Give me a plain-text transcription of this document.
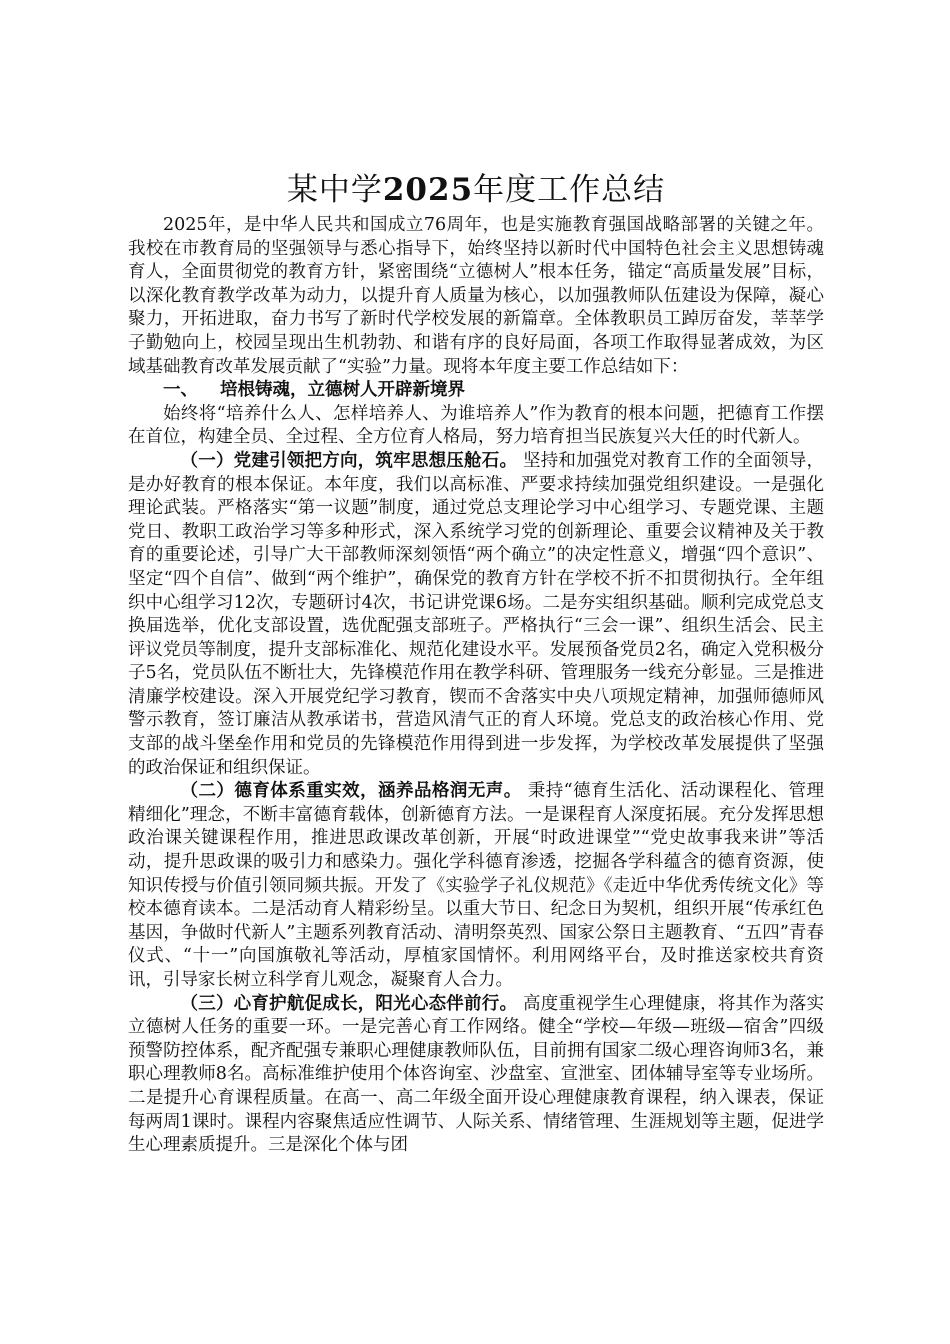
某中学2025年度工作总结

2025年，是中华人民共和国成立76周年，也是实施教育强国战略部署的关键之年。我校在市教育局的坚强领导与悉心指导下，始终坚持以新时代中国特色社会主义思想铸魂育人，全面贯彻党的教育方针，紧密围绕“立德树人”根本任务，锚定“高质量发展”目标，以深化教育教学改革为动力，以提升育人质量为核心，以加强教师队伍建设为保障，凝心聚力，开拓进取，奋力书写了新时代学校发展的新篇章。全体教职员工踔厉奋发，莘莘学子勤勉向上，校园呈现出生机勃勃、和谐有序的良好局面，各项工作取得显著成效，为区域基础教育改革发展贡献了“实验”力量。现将本年度主要工作总结如下：

一、 培根铸魂，立德树人开辟新境界

始终将“培养什么人、怎样培养人、为谁培养人”作为教育的根本问题，把德育工作摆在首位，构建全员、全过程、全方位育人格局，努力培育担当民族复兴大任的时代新人。

（一）党建引领把方向，筑牢思想压舱石。 坚持和加强党对教育工作的全面领导，是办好教育的根本保证。本年度，我们以高标准、严要求持续加强党组织建设。一是强化理论武装。严格落实“第一议题”制度，通过党总支理论学习中心组学习、专题党课、主题党日、教职工政治学习等多种形式，深入系统学习党的创新理论、重要会议精神及关于教育的重要论述，引导广大干部教师深刻领悟“两个确立”的决定性意义，增强“四个意识”、坚定“四个自信”、做到“两个维护”，确保党的教育方针在学校不折不扣贯彻执行。全年组织中心组学习12次，专题研讨4次，书记讲党课6场。二是夯实组织基础。顺利完成党总支换届选举，优化支部设置，选优配强支部班子。严格执行“三会一课”、组织生活会、民主评议党员等制度，提升支部标准化、规范化建设水平。发展预备党员2名，确定入党积极分子5名，党员队伍不断壮大，先锋模范作用在教学科研、管理服务一线充分彰显。三是推进清廉学校建设。深入开展党纪学习教育，锲而不舍落实中央八项规定精神，加强师德师风警示教育，签订廉洁从教承诺书，营造风清气正的育人环境。党总支的政治核心作用、党支部的战斗堡垒作用和党员的先锋模范作用得到进一步发挥，为学校改革发展提供了坚强的政治保证和组织保证。

（二）德育体系重实效，涵养品格润无声。 秉持“德育生活化、活动课程化、管理精细化”理念，不断丰富德育载体，创新德育方法。一是课程育人深度拓展。充分发挥思想政治课关键课程作用，推进思政课改革创新，开展“时政进课堂”“党史故事我来讲”等活动，提升思政课的吸引力和感染力。强化学科德育渗透，挖掘各学科蕴含的德育资源，使知识传授与价值引领同频共振。开发了《实验学子礼仪规范》《走近中华优秀传统文化》等校本德育读本。二是活动育人精彩纷呈。以重大节日、纪念日为契机，组织开展“传承红色基因，争做时代新人”主题系列教育活动、清明祭英烈、国家公祭日主题教育、“五四”青春仪式、“十一”向国旗敬礼等活动，厚植家国情怀。利用网络平台，及时推送家校共育资讯，引导家长树立科学育儿观念，凝聚育人合力。

（三）心育护航促成长，阳光心态伴前行。 高度重视学生心理健康，将其作为落实立德树人任务的重要一环。一是完善心育工作网络。健全“学校—年级—班级—宿舍”四级预警防控体系，配齐配强专兼职心理健康教师队伍，目前拥有国家二级心理咨询师3名，兼职心理教师8名。高标准维护使用个体咨询室、沙盘室、宣泄室、团体辅导室等专业场所。二是提升心育课程质量。在高一、高二年级全面开设心理健康教育课程，纳入课表，保证每两周1课时。课程内容聚焦适应性调节、人际关系、情绪管理、生涯规划等主题，促进学生心理素质提升。三是深化个体与团
